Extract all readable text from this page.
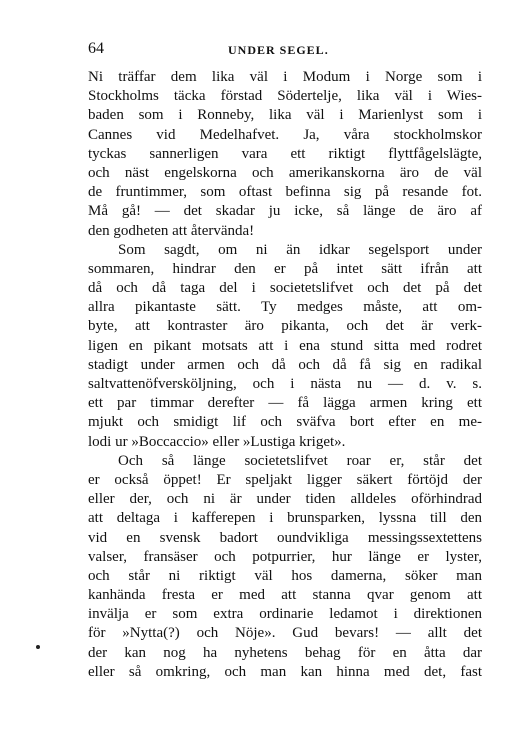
64	UNDER SEGEL.
Ni träffar dem lika väl i Modum i Norge som i
Stockholms täcka förstad Södertelje, lika väl i Wies-
baden som i Ronneby, lika väl i Marienlyst som i
Cannes vid Medelhafvet. Ja, våra stockholmskor
tyckas sannerligen vara ett riktigt flyttfågelslägte,
och näst engelskorna och amerikanskorna äro de väl
de fruntimmer, som oftast befinna sig på resande fot.
Må gå! — det skadar ju icke, så länge de äro af
den godheten att återvända!
Som sagdt, om ni än idkar segelsport under
sommaren, hindrar den er på intet sätt ifrån att
då och då taga del i societetslifvet och det på det
allra pikantaste sätt. Ty medges måste, att om-
byte, att kontraster äro pikanta, och det är verk-
ligen en pikant motsats att i ena stund sitta med rodret
stadigt under armen och då och då få sig en radikal
saltvattenöfversköljning, och i nästa nu — d. v. s.
ett par timmar derefter — få lägga armen kring ett
mjukt och smidigt lif och sväfva bort efter en me-
lodi ur »Boccaccio» eller »Lustiga kriget».
Och så länge societetslifvet roar er, står det
er också öppet! Er speljakt ligger säkert förtöjd der
eller der, och ni är under tiden alldeles oförhindrad
att deltaga i kafferepen i brunsparken, lyssna till den
vid en svensk badort oundvikliga messingssextettens
valser, fransäser och potpurrier, hur länge er lyster,
och står ni riktigt väl hos damerna, söker man
kanhända fresta er med att stanna qvar genom att
invälja er som extra ordinarie ledamot i direktionen
för »Nytta(?) och Nöje». Gud bevars! — allt det
der kan nog ha nyhetens behag för en åtta dar
eller så omkring, och man kan hinna med det, fast
